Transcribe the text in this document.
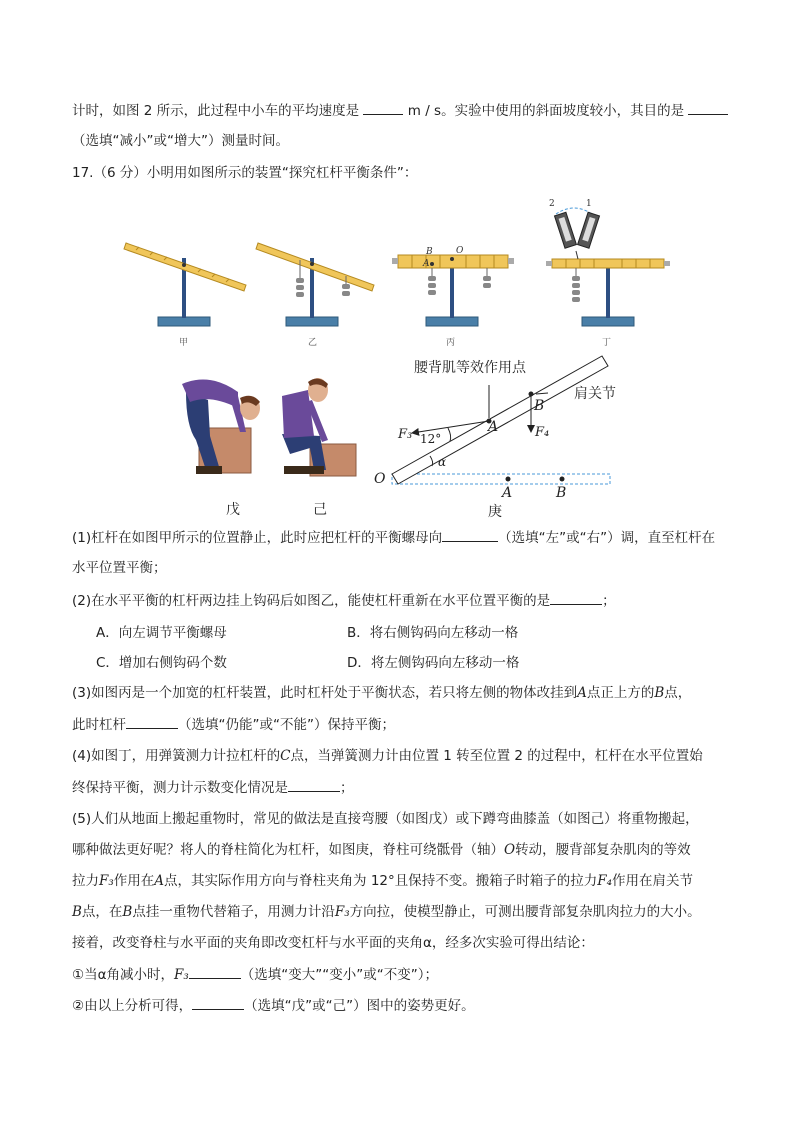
计时，如图 2 所示，此过程中小车的平均速度是	m / s。实验中使用的斜面坡度较小，其目的是
（选填“减小”或“增大”）测量时间。
17.（6 分）小明用如图所示的装置“探究杠杆平衡条件”：
B	O
A
2	1
腰背肌等效作用点
肩关节
F₃ 12°	F₄
α
O
A
B
A	B
甲	乙	丙	丁
戊	己	庚
(1)杠杆在如图甲所示的位置静止，此时应把杠杆的平衡螺母向	（选填“左”或“右”）调，直至杠杆在
水平位置平衡；
(2)在水平平衡的杠杆两边挂上钩码后如图乙，能使杠杆重新在水平位置平衡的是	；
A．向左调节平衡螺母	B．将右侧钩码向左移动一格
C．增加右侧钩码个数	D．将左侧钩码向左移动一格
(3)如图丙是一个加宽的杠杆装置，此时杠杆处于平衡状态，若只将左侧的物体改挂到A点正上方的B点，
此时杠杆	（选填“仍能”或“不能”）保持平衡；
(4)如图丁，用弹簧测力计拉杠杆的C点，当弹簧测力计由位置 1 转至位置 2 的过程中，杠杆在水平位置始
终保持平衡，测力计示数变化情况是	；
(5)人们从地面上搬起重物时，常见的做法是直接弯腰（如图戊）或下蹲弯曲膝盖（如图己）将重物搬起，
哪种做法更好呢？将人的脊柱简化为杠杆，如图庚，脊柱可绕骶骨（轴）O转动，腰背部复杂肌肉的等效
拉力F₃作用在A点，其实际作用方向与脊柱夹角为 12°且保持不变。搬箱子时箱子的拉力F₄作用在肩关节
B点，在B点挂一重物代替箱子，用测力计沿F₃方向拉，使模型静止，可测出腰背部复杂肌肉拉力的大小。
接着，改变脊柱与水平面的夹角即改变杠杆与水平面的夹角α，经多次实验可得出结论：
①当α角减小时，F₃	（选填“变大”“变小”或“不变”）；
②由以上分析可得，	（选填“戊”或“己”）图中的姿势更好。
